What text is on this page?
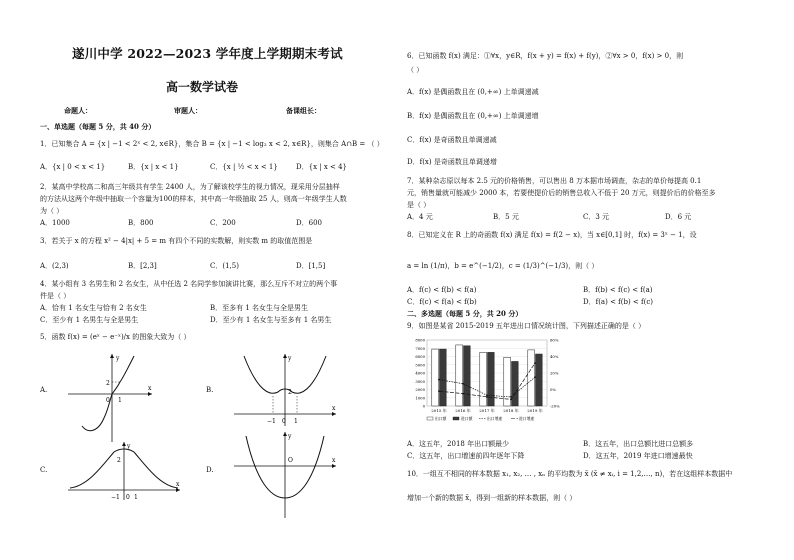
遂川中学 2022—2023 学年度上学期期末考试
高一数学试卷
命题人：	审题人：	备课组长：
一、单选题（每题 5 分，共 40 分）
1．已知集合 A = {x | −1 < 2ˣ < 2, x∈R}，集合 B = {x | −1 < log₂ x < 2, x∈R}，则集合 A∩B = （ ）
A．{x | 0 < x < 1}	B．{x | x < 1}	C．{x | ½ < x < 1}	D．{x | x < 4}
2．某高中学校高二和高三年级共有学生 2400 人，为了解该校学生的视力情况，现采用分层抽样
的方法从这两个年级中抽取一个容量为100的样本，其中高一年级抽取 25 人，则高一年级学生人数
为（ ）
A．1000	B．800	C．200	D．600
3．若关于 x 的方程 x² − 4|x| + 5 = m 有四个不同的实数解，则实数 m 的取值范围是
A．(2,3)	B．[2,3]	C．(1,5)	D．[1,5]
4．某小组有 3 名男生和 2 名女生，从中任选 2 名同学参加演讲比赛，那么互斥不对立的两个事
件是（ ）
A．恰有 1 名女生与恰有 2 名女生	B．至多有 1 名女生与全是男生
C．至少有 1 名男生与全是男生	D．至少有 1 名女生与至多有 1 名男生
5．函数 f(x) = (eˣ − e⁻ˣ)/x 的图象大致为（ ）
A.
y
x
2
0 1
B.
y
x
2
−1 0 1
C.
y
x
2
−1 0 1
D.
y
x
O
6．已知函数 f(x) 满足：①∀x，y∈R，f(x + y) = f(x) + f(y)，②∀x > 0，f(x) > 0，则
（ ）
A．f(x) 是偶函数且在 (0,+∞) 上单调递减
B．f(x) 是偶函数且在 (0,+∞) 上单调递增
C．f(x) 是奇函数且单调递减
D．f(x) 是奇函数且单调递增
7．某种杂志原以每本 2.5 元的价格销售，可以售出 8 万本据市场调查，杂志的单价每提高 0.1
元，销售量就可能减少 2000 本，若要使提价后的销售总收入不低于 20 万元，则提价后的价格至多
是（ ）
A．4 元	B．5 元	C．3 元	D．6 元
8．已知定义在 R 上的奇函数 f(x) 满足 f(x) = f(2 − x)，当 x∈[0,1] 时，f(x) = 3ˣ − 1，设
a = ln (1/π)，b = e^(−1/2)，c = (1/3)^(−1/3)，则（ ）
A．f(c) < f(b) < f(a)	B．f(b) < f(c) < f(a)
C．f(c) < f(a) < f(b)	D．f(a) < f(b) < f(c)
二、多选题（每题 5 分，共 20 分）
9．如图是某省 2015-2019 五年进出口情况统计图，下列描述正确的是（ ）
8000
7000
6000
5000
4000
3000
2000
1000
0
60%
40%
20%
0%
-20%
2015 年 2016 年 2017 年 2018 年 2019 年
出口额	进口额	出口增速	进口增速
A．这五年，2018 年出口额最少	B．这五年，出口总额比进口总额多
C．这五年，出口增速前四年逐年下降	D．这五年，2019 年进口增速最快
10．一组互不相同的样本数据 x₁, x₂, … , xₙ 的平均数为 x̄ (x̄ ≠ xᵢ, i = 1,2,…, n)，若在这组样本数据中
增加一个新的数据 x̄，得到一组新的样本数据，则（ ）
